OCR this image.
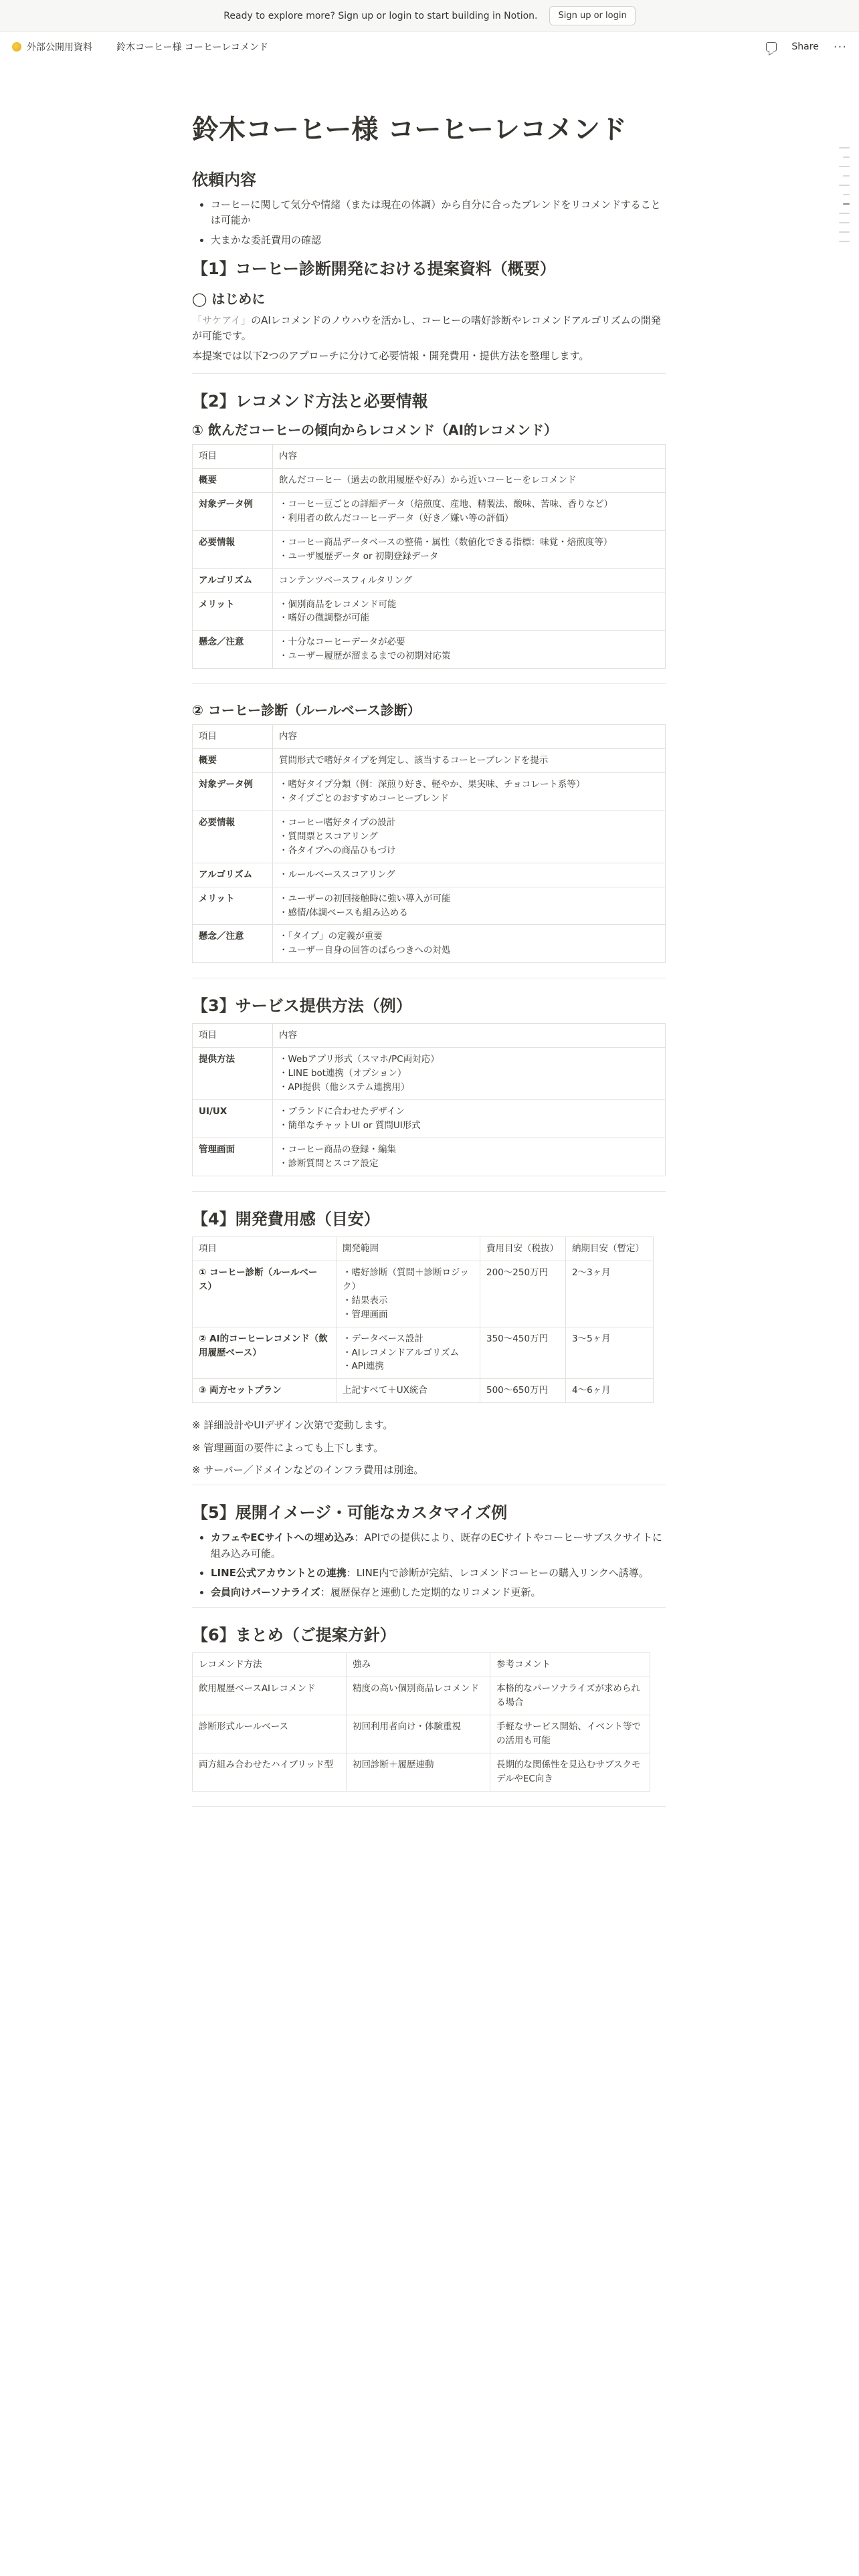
Ready to explore more? Sign up or login to start building in Notion.	Sign up or login
外部公開用資料	鈴木コーヒー様 コーヒーレコメンド	Share ···
鈴木コーヒー様 コーヒーレコメンド
依頼内容
• コーヒーに関して気分や情緒（または現在の体調）から自分に合ったブレンドをリコメンドすることは可能か
• 大まかな委託費用の確認
【1】コーヒー診断開発における提案資料（概要）
◯ はじめに

「サケアイ」のAIレコメンドのノウハウを活かし、コーヒーの嗜好診断やレコメンドアルゴリズムの開発が可能です。

本提案では以下2つのアプローチに分けて必要情報・開発費用・提供方法を整理します。

【2】レコメンド方法と必要情報
① 飲んだコーヒーの傾向からレコメンド（AI的レコメンド）
項目	内容
概要	飲んだコーヒー（過去の飲用履歴や好み）から近いコーヒーをレコメンド
対象データ例	・コーヒー豆ごとの詳細データ（焙煎度、産地、精製法、酸味、苦味、香りなど）
・利用者の飲んだコーヒーデータ（好き／嫌い等の評価）
必要情報	・コーヒー商品データベースの整備・属性（数値化できる指標：味覚・焙煎度等）
・ユーザ履歴データ or 初期登録データ
アルゴリズム	コンテンツベースフィルタリング
メリット	・個別商品をレコメンド可能
・嗜好の微調整が可能
懸念／注意	・十分なコーヒーデータが必要
・ユーザー履歴が溜まるまでの初期対応策
② コーヒー診断（ルールベース診断）
項目	内容
概要	質問形式で嗜好タイプを判定し、該当するコーヒーブレンドを提示
対象データ例	・嗜好タイプ分類（例：深煎り好き、軽やか、果実味、チョコレート系等）
・タイプごとのおすすめコーヒーブレンド
必要情報	・コーヒー嗜好タイプの設計
・質問票とスコアリング
・各タイプへの商品ひもづけ
アルゴリズム	・ルールベーススコアリング
メリット	・ユーザーの初回接触時に強い導入が可能
・感情/体調ベースも組み込める
懸念／注意	・「タイプ」の定義が重要
・ユーザー自身の回答のばらつきへの対処
【3】サービス提供方法（例）
項目	内容
提供方法	・Webアプリ形式（スマホ/PC両対応）
・LINE bot連携（オプション）
・API提供（他システム連携用）
UI/UX	・ブランドに合わせたデザイン
・簡単なチャットUI or 質問UI形式
管理画面	・コーヒー商品の登録・編集
・診断質問とスコア設定
【4】開発費用感（目安）
項目	開発範囲	費用目安（税抜）	納期目安（暫定）
① コーヒー診断（ルールベース）	・嗜好診断（質問＋診断ロジック）
・結果表示
・管理画面	200〜250万円	2〜3ヶ月
② AI的コーヒーレコメンド（飲用履歴ベース）	・データベース設計
・AIレコメンドアルゴリズム
・API連携	350〜450万円	3〜5ヶ月
③ 両方セットプラン	上記すべて＋UX統合	500〜650万円	4〜6ヶ月

※ 詳細設計やUIデザイン次第で変動します。

※ 管理画面の要件によっても上下します。

※ サーバー／ドメインなどのインフラ費用は別途。

【5】展開イメージ・可能なカスタマイズ例
• カフェやECサイトへの埋め込み：APIでの提供により、既存のECサイトやコーヒーサブスクサイトに組み込み可能。
• LINE公式アカウントとの連携：LINE内で診断が完結、レコメンドコーヒーの購入リンクへ誘導。
• 会員向けパーソナライズ：履歴保存と連動した定期的なリコメンド更新。
【6】まとめ（ご提案方針）
レコメンド方法	強み	参考コメント
飲用履歴ベースAIレコメンド	精度の高い個別商品レコメンド	本格的なパーソナライズが求められる場合
診断形式ルールベース	初回利用者向け・体験重視	手軽なサービス開始、イベント等での活用も可能
両方組み合わせたハイブリッド型	初回診断＋履歴連動	長期的な関係性を見込むサブスクモデルやEC向き
